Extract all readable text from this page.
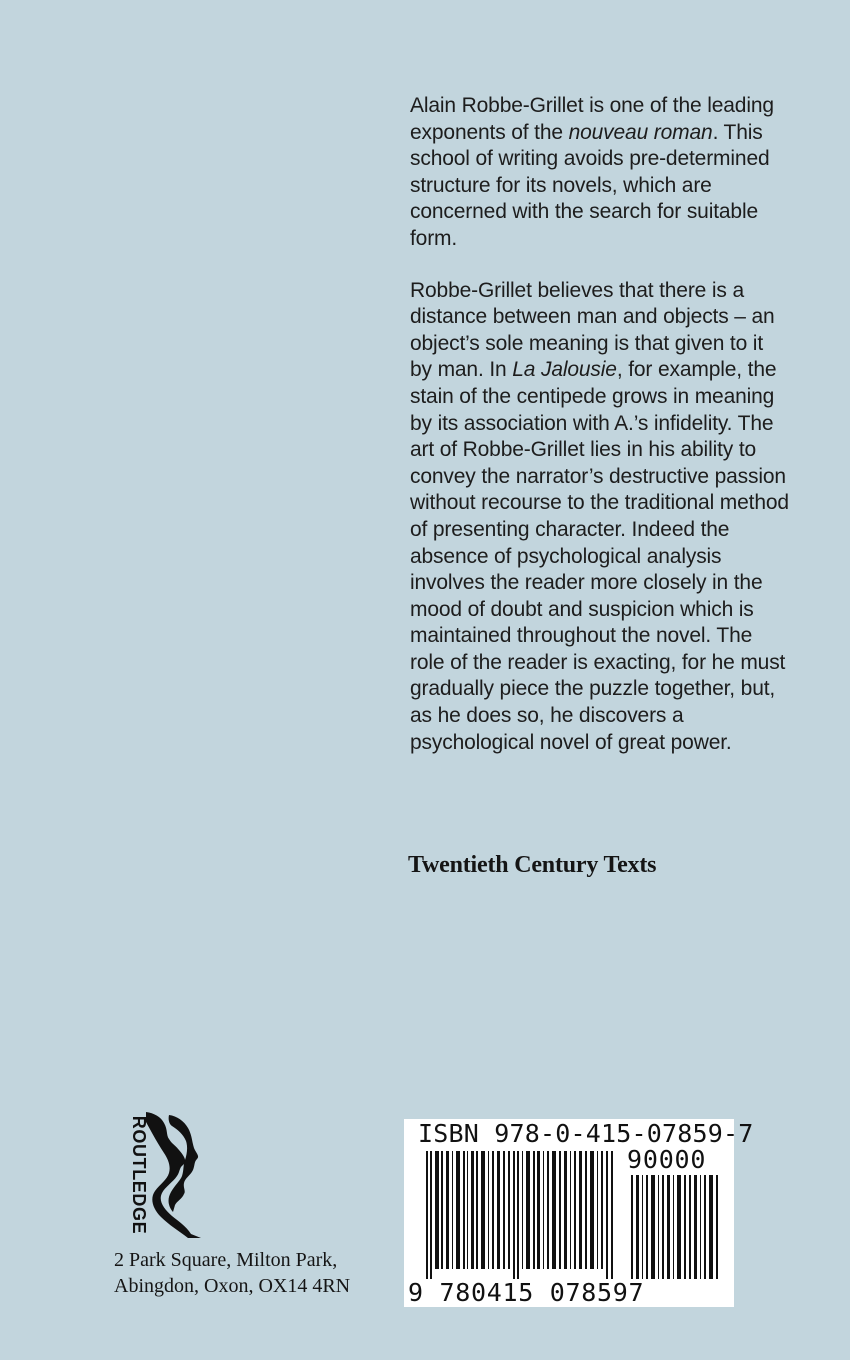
Alain Robbe-Grillet is one of the leading exponents of the nouveau roman. This school of writing avoids pre-determined structure for its novels, which are concerned with the search for suitable form.

Robbe-Grillet believes that there is a distance between man and objects – an object’s sole meaning is that given to it by man. In La Jalousie, for example, the stain of the centipede grows in meaning by its association with A.’s infidelity. The art of Robbe-Grillet lies in his ability to convey the narrator’s destructive passion without recourse to the traditional method of presenting character. Indeed the absence of psychological analysis involves the reader more closely in the mood of doubt and suspicion which is maintained throughout the novel. The role of the reader is exacting, for he must gradually piece the puzzle together, but, as he does so, he discovers a psychological novel of great power.

Twentieth Century Texts
ROUTLEDGE
2 Park Square, Milton Park,
Abingdon, Oxon, OX14 4RN
ISBN 978-0-415-07859-7
90000
9 780415 078597
